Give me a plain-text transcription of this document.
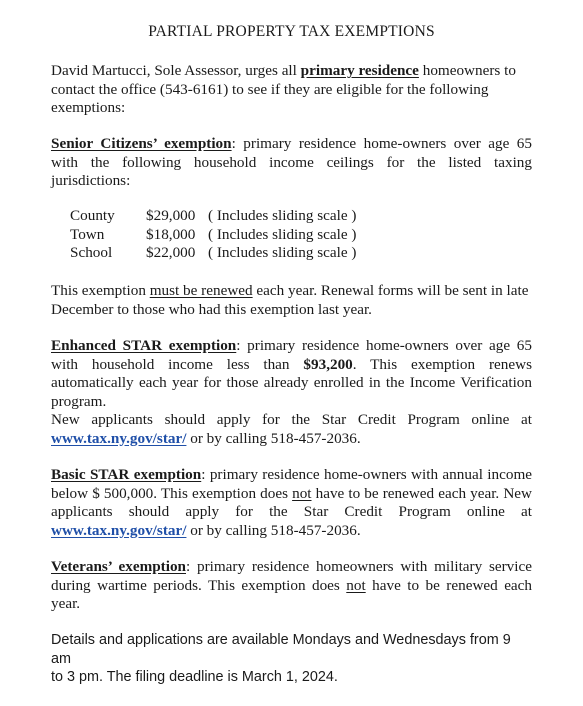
PARTIAL PROPERTY TAX EXEMPTIONS

David Martucci, Sole Assessor, urges all primary residence homeowners to contact the office (543-6161) to see if they are eligible for the following exemptions:

Senior Citizens’ exemption: primary residence home-owners over age 65 with the following household income ceilings for the listed taxing jurisdictions:

County	$29,000	( Includes sliding scale )
Town	$18,000	( Includes sliding scale )
School	$22,000	( Includes sliding scale )

This exemption must be renewed each year. Renewal forms will be sent in late December to those who had this exemption last year.

Enhanced STAR exemption: primary residence home-owners over age 65 with household income less than $93,200. This exemption renews automatically each year for those already enrolled in the Income Verification program.

New applicants should apply for the Star Credit Program online at
www.tax.ny.gov/star/ or by calling 518-457-2036.

Basic STAR exemption: primary residence home-owners with annual income below $ 500,000. This exemption does not have to be renewed each year. New applicants should apply for the Star Credit Program online at www.tax.ny.gov/star/ or by calling 518-457-2036.

Veterans’ exemption: primary residence homeowners with military service during wartime periods. This exemption does not have to be renewed each year.

Details and applications are available Mondays and Wednesdays from 9 am
to 3 pm. The filing deadline is March 1, 2024.
